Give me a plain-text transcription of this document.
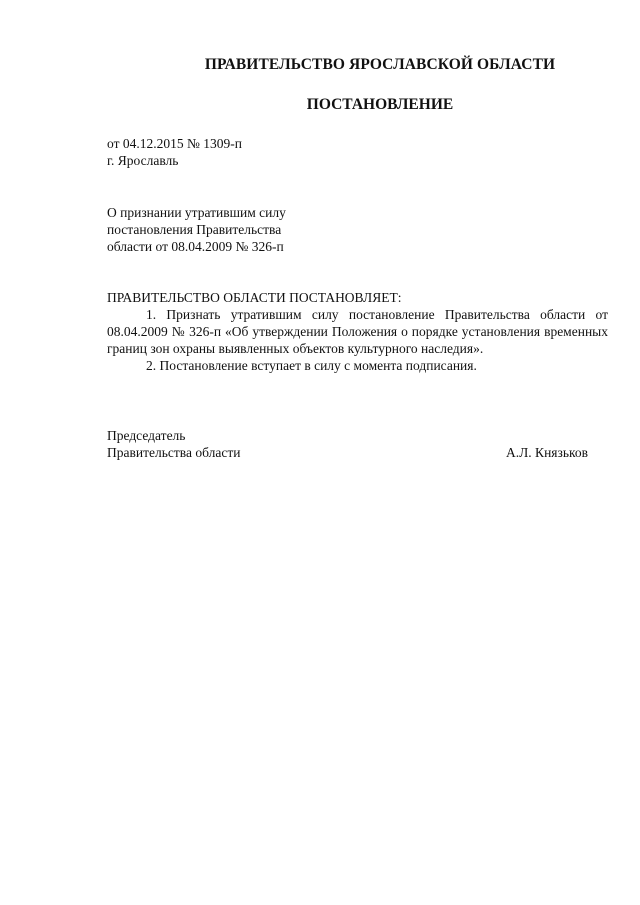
ПРАВИТЕЛЬСТВО ЯРОСЛАВСКОЙ ОБЛАСТИ
ПОСТАНОВЛЕНИЕ
от 04.12.2015 № 1309-п
г. Ярославль
О признании утратившим силу
постановления Правительства
области от 08.04.2009 № 326-п
ПРАВИТЕЛЬСТВО ОБЛАСТИ ПОСТАНОВЛЯЕТ:

1. Признать утратившим силу постановление Правительства области от

08.04.2009 № 326-п «Об утверждении Положения о порядке установления временных границ зон охраны выявленных объектов культурного наследия».

2. Постановление вступает в силу с момента подписания.

Председатель
Правительства области	А.Л. Князьков
